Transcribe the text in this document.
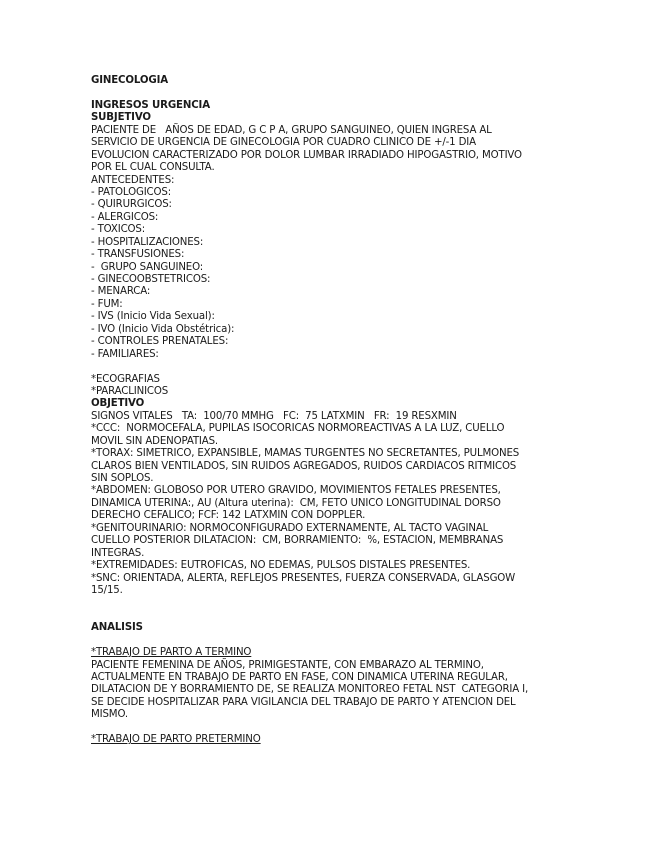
GINECOLOGIA
INGRESOS URGENCIA
SUBJETIVO
PACIENTE DE   AÑOS DE EDAD, G C P A, GRUPO SANGUINEO, QUIEN INGRESA AL
SERVICIO DE URGENCIA DE GINECOLOGIA POR CUADRO CLINICO DE +/-1 DIA
EVOLUCION CARACTERIZADO POR DOLOR LUMBAR IRRADIADO HIPOGASTRIO, MOTIVO
POR EL CUAL CONSULTA.
ANTECEDENTES:
- PATOLOGICOS:
- QUIRURGICOS:
- ALERGICOS:
- TOXICOS:
- HOSPITALIZACIONES:
- TRANSFUSIONES:
-  GRUPO SANGUINEO:
- GINECOOBSTETRICOS:
- MENARCA:
- FUM:
- IVS (Inicio Vida Sexual):
- IVO (Inicio Vida Obstétrica):
- CONTROLES PRENATALES:
- FAMILIARES:
*ECOGRAFIAS
*PARACLINICOS
OBJETIVO
SIGNOS VITALES   TA:  100/70 MMHG   FC:  75 LATXMIN   FR:  19 RESXMIN
*CCC:  NORMOCEFALA, PUPILAS ISOCORICAS NORMOREACTIVAS A LA LUZ, CUELLO
MOVIL SIN ADENOPATIAS.
*TORAX: SIMETRICO, EXPANSIBLE, MAMAS TURGENTES NO SECRETANTES, PULMONES
CLAROS BIEN VENTILADOS, SIN RUIDOS AGREGADOS, RUIDOS CARDIACOS RITMICOS
SIN SOPLOS.
*ABDOMEN: GLOBOSO POR UTERO GRAVIDO, MOVIMIENTOS FETALES PRESENTES,
DINAMICA UTERINA:, AU (Altura uterina):  CM, FETO UNICO LONGITUDINAL DORSO
DERECHO CEFALICO; FCF: 142 LATXMIN CON DOPPLER.
*GENITOURINARIO: NORMOCONFIGURADO EXTERNAMENTE, AL TACTO VAGINAL
CUELLO POSTERIOR DILATACION:  CM, BORRAMIENTO:  %, ESTACION, MEMBRANAS
INTEGRAS.
*EXTREMIDADES: EUTROFICAS, NO EDEMAS, PULSOS DISTALES PRESENTES.
*SNC: ORIENTADA, ALERTA, REFLEJOS PRESENTES, FUERZA CONSERVADA, GLASGOW
15/15.
ANALISIS
*TRABAJO DE PARTO A TERMINO
PACIENTE FEMENINA DE AÑOS, PRIMIGESTANTE, CON EMBARAZO AL TERMINO,
ACTUALMENTE EN TRABAJO DE PARTO EN FASE, CON DINAMICA UTERINA REGULAR,
DILATACION DE Y BORRAMIENTO DE, SE REALIZA MONITOREO FETAL NST  CATEGORIA I,
SE DECIDE HOSPITALIZAR PARA VIGILANCIA DEL TRABAJO DE PARTO Y ATENCION DEL
MISMO.
*TRABAJO DE PARTO PRETERMINO
